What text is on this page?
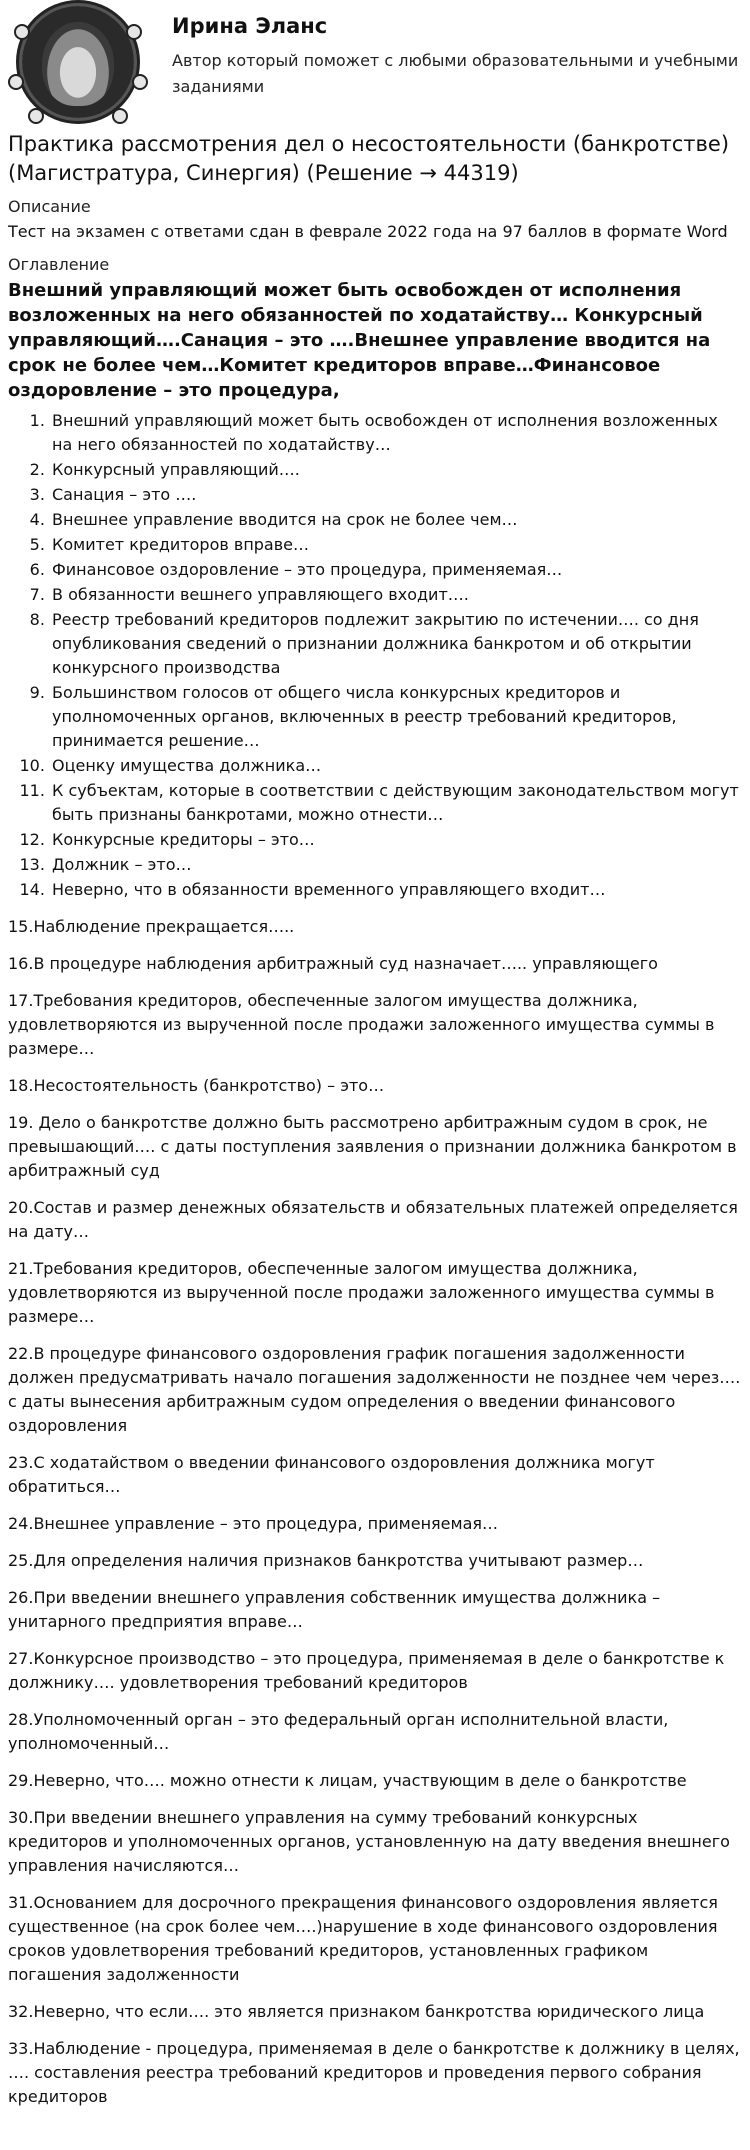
Ирина Эланс
Автор который поможет с любыми образовательными и учебными заданиями
Практика рассмотрения дел о несостоятельности (банкротстве) (Магистратура, Синергия) (Решение → 44319)
Описание
Тест на экзамен с ответами сдан в феврале 2022 года на 97 баллов в формате Word
Оглавление
Внешний управляющий может быть освобожден от исполнения возложенных на него обязанностей по ходатайству… Конкурсный управляющий….Санация – это ….Внешнее управление вводится на срок не более чем…Комитет кредиторов вправе…Финансовое оздоровление – это процедура,
1. Внешний управляющий может быть освобожден от исполнения возложенных на него обязанностей по ходатайству…
2. Конкурсный управляющий….
3. Санация – это ….
4. Внешнее управление вводится на срок не более чем…
5. Комитет кредиторов вправе…
6. Финансовое оздоровление – это процедура, применяемая…
7. В обязанности вешнего управляющего входит….
8. Реестр требований кредиторов подлежит закрытию по истечении…. со дня опубликования сведений о признании должника банкротом и об открытии конкурсного производства
9. Большинством голосов от общего числа конкурсных кредиторов и уполномоченных органов, включенных в реестр требований кредиторов, принимается решение…
10. Оценку имущества должника…
11. К субъектам, которые в соответствии с действующим законодательством могут быть признаны банкротами, можно отнести…
12. Конкурсные кредиторы – это…
13. Должник – это…
14. Неверно, что в обязанности временного управляющего входит…

15.Наблюдение прекращается…..

16.В процедуре наблюдения арбитражный суд назначает….. управляющего

17.Требования кредиторов, обеспеченные залогом имущества должника, удовлетворяются из вырученной после продажи заложенного имущества суммы в размере…

18.Несостоятельность (банкротство) – это…

19. Дело о банкротстве должно быть рассмотрено арбитражным судом в срок, не превышающий…. с даты поступления заявления о признании должника банкротом в арбитражный суд

20.Состав и размер денежных обязательств и обязательных платежей определяется на дату…

21.Требования кредиторов, обеспеченные залогом имущества должника, удовлетворяются из вырученной после продажи заложенного имущества суммы в размере…

22.В процедуре финансового оздоровления график погашения задолженности должен предусматривать начало погашения задолженности не позднее чем через…. с даты вынесения арбитражным судом определения о введении финансового оздоровления

23.С ходатайством о введении финансового оздоровления должника могут обратиться…

24.Внешнее управление – это процедура, применяемая…

25.Для определения наличия признаков банкротства учитывают размер…

26.При введении внешнего управления собственник имущества должника – унитарного предприятия вправе…

27.Конкурсное производство – это процедура, применяемая в деле о банкротстве к должнику…. удовлетворения требований кредиторов

28.Уполномоченный орган – это федеральный орган исполнительной власти, уполномоченный…

29.Неверно, что…. можно отнести к лицам, участвующим в деле о банкротстве

30.При введении внешнего управления на сумму требований конкурсных кредиторов и уполномоченных органов, установленную на дату введения внешнего управления начисляются…

31.Основанием для досрочного прекращения финансового оздоровления является существенное (на срок более чем….)нарушение в ходе финансового оздоровления сроков удовлетворения требований кредиторов, установленных графиком погашения задолженности

32.Неверно, что если…. это является признаком банкротства юридического лица

33.Наблюдение - процедура, применяемая в деле о банкротстве к должнику в целях, …. составления реестра требований кредиторов и проведения первого собрания кредиторов
